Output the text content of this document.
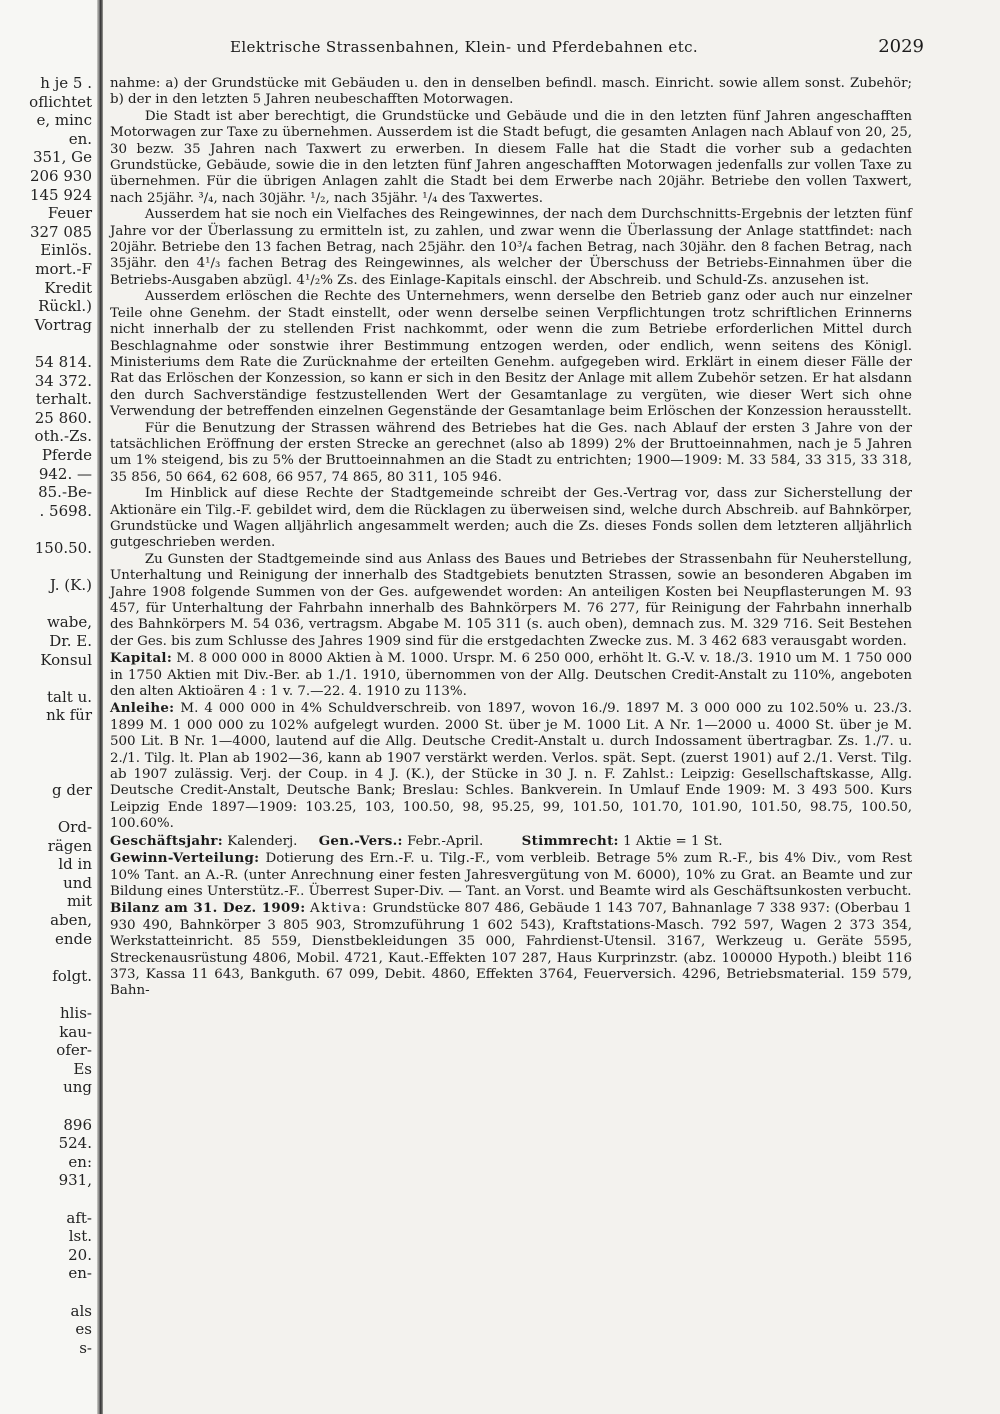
h je 5 .
oflichtet
e, minc
en.
351, Ge
206 930
145 924
Feuer
327 085
Einlös.
mort.-F
Kredit
Rückl.)
Vortrag
54 814.
34 372.
terhalt.
25 860.
oth.-Zs.
Pferde
942. —
85.-Be-
. 5698.
150.50.
J. (K.)
wabe,
Dr. E.
Konsul
talt u.
nk für
g der
Ord-
rägen
ld in
und
mit
aben,
ende
folgt.
hlis-
kau-
ofer-
Es
ung
896
524.
en:
931,
aft-
lst.
20.
en-
als
es
s-
Elektrische Strassenbahnen, Klein- und Pferdebahnen etc.	2029

nahme: a) der Grundstücke mit Gebäuden u. den in denselben befindl. masch. Einricht. sowie allem sonst. Zubehör; b) der in den letzten 5 Jahren neubeschafften Motorwagen.

Die Stadt ist aber berechtigt, die Grundstücke und Gebäude und die in den letzten fünf Jahren angeschafften Motorwagen zur Taxe zu übernehmen. Ausserdem ist die Stadt befugt, die gesamten Anlagen nach Ablauf von 20, 25, 30 bezw. 35 Jahren nach Taxwert zu erwerben. In diesem Falle hat die Stadt die vorher sub a gedachten Grundstücke, Gebäude, sowie die in den letzten fünf Jahren angeschafften Motorwagen jedenfalls zur vollen Taxe zu übernehmen. Für die übrigen Anlagen zahlt die Stadt bei dem Erwerbe nach 20jähr. Betriebe den vollen Taxwert, nach 25jähr. ³/₄, nach 30jähr. ¹/₂, nach 35jähr. ¹/₄ des Taxwertes.

Ausserdem hat sie noch ein Vielfaches des Reingewinnes, der nach dem Durchschnitts-Ergebnis der letzten fünf Jahre vor der Überlassung zu ermitteln ist, zu zahlen, und zwar wenn die Überlassung der Anlage stattfindet: nach 20jähr. Betriebe den 13 fachen Betrag, nach 25jähr. den 10³/₄ fachen Betrag, nach 30jähr. den 8 fachen Betrag, nach 35jähr. den 4¹/₃ fachen Betrag des Reingewinnes, als welcher der Überschuss der Betriebs-Einnahmen über die Betriebs-Ausgaben abzügl. 4¹/₂% Zs. des Einlage-Kapitals einschl. der Abschreib. und Schuld-Zs. anzusehen ist.

Ausserdem erlöschen die Rechte des Unternehmers, wenn derselbe den Betrieb ganz oder auch nur einzelner Teile ohne Genehm. der Stadt einstellt, oder wenn derselbe seinen Verpflichtungen trotz schriftlichen Erinnerns nicht innerhalb der zu stellenden Frist nachkommt, oder wenn die zum Betriebe erforderlichen Mittel durch Beschlagnahme oder sonstwie ihrer Bestimmung entzogen werden, oder endlich, wenn seitens des Königl. Ministeriums dem Rate die Zurücknahme der erteilten Genehm. aufgegeben wird. Erklärt in einem dieser Fälle der Rat das Erlöschen der Konzession, so kann er sich in den Besitz der Anlage mit allem Zubehör setzen. Er hat alsdann den durch Sachverständige festzustellenden Wert der Gesamtanlage zu vergüten, wie dieser Wert sich ohne Verwendung der betreffenden einzelnen Gegenstände der Gesamtanlage beim Erlöschen der Konzession herausstellt.

Für die Benutzung der Strassen während des Betriebes hat die Ges. nach Ablauf der ersten 3 Jahre von der tatsächlichen Eröffnung der ersten Strecke an gerechnet (also ab 1899) 2% der Bruttoeinnahmen, nach je 5 Jahren um 1% steigend, bis zu 5% der Bruttoeinnahmen an die Stadt zu entrichten; 1900—1909: M. 33 584, 33 315, 33 318, 35 856, 50 664, 62 608, 66 957, 74 865, 80 311, 105 946.

Im Hinblick auf diese Rechte der Stadtgemeinde schreibt der Ges.-Vertrag vor, dass zur Sicherstellung der Aktionäre ein Tilg.-F. gebildet wird, dem die Rücklagen zu überweisen sind, welche durch Abschreib. auf Bahnkörper, Grundstücke und Wagen alljährlich angesammelt werden; auch die Zs. dieses Fonds sollen dem letzteren alljährlich gutgeschrieben werden.

Zu Gunsten der Stadtgemeinde sind aus Anlass des Baues und Betriebes der Strassenbahn für Neuherstellung, Unterhaltung und Reinigung der innerhalb des Stadtgebiets benutzten Strassen, sowie an besonderen Abgaben im Jahre 1908 folgende Summen von der Ges. aufgewendet worden: An anteiligen Kosten bei Neupflasterungen M. 93 457, für Unterhaltung der Fahrbahn innerhalb des Bahnkörpers M. 76 277, für Reinigung der Fahrbahn innerhalb des Bahnkörpers M. 54 036, vertragsm. Abgabe M. 105 311 (s. auch oben), demnach zus. M. 329 716. Seit Bestehen der Ges. bis zum Schlusse des Jahres 1909 sind für die erstgedachten Zwecke zus. M. 3 462 683 verausgabt worden.

Kapital: M. 8 000 000 in 8000 Aktien à M. 1000. Urspr. M. 6 250 000, erhöht lt. G.-V. v. 18./3. 1910 um M. 1 750 000 in 1750 Aktien mit Div.-Ber. ab 1./1. 1910, übernommen von der Allg. Deutschen Credit-Anstalt zu 110%, angeboten den alten Aktioären 4 : 1 v. 7.—22. 4. 1910 zu 113%.

Anleihe: M. 4 000 000 in 4% Schuldverschreib. von 1897, wovon 16./9. 1897 M. 3 000 000 zu 102.50% u. 23./3. 1899 M. 1 000 000 zu 102% aufgelegt wurden. 2000 St. über je M. 1000 Lit. A Nr. 1—2000 u. 4000 St. über je M. 500 Lit. B Nr. 1—4000, lautend auf die Allg. Deutsche Credit-Anstalt u. durch Indossament übertragbar. Zs. 1./7. u. 2./1. Tilg. lt. Plan ab 1902—36, kann ab 1907 verstärkt werden. Verlos. spät. Sept. (zuerst 1901) auf 2./1. Verst. Tilg. ab 1907 zulässig. Verj. der Coup. in 4 J. (K.), der Stücke in 30 J. n. F. Zahlst.: Leipzig: Gesellschaftskasse, Allg. Deutsche Credit-Anstalt, Deutsche Bank; Breslau: Schles. Bankverein. In Umlauf Ende 1909: M. 3 493 500. Kurs Leipzig Ende 1897—1909: 103.25, 103, 100.50, 98, 95.25, 99, 101.50, 101.70, 101.90, 101.50, 98.75, 100.50, 100.60%.

Geschäftsjahr: Kalenderj. Gen.-Vers.: Febr.-April.	Stimmrecht: 1 Aktie = 1 St.

Gewinn-Verteilung: Dotierung des Ern.-F. u. Tilg.-F., vom verbleib. Betrage 5% zum R.-F., bis 4% Div., vom Rest 10% Tant. an A.-R. (unter Anrechnung einer festen Jahresvergütung von M. 6000), 10% zu Grat. an Beamte und zur Bildung eines Unterstütz.-F.. Überrest Super-Div. — Tant. an Vorst. und Beamte wird als Geschäftsunkosten verbucht.

Bilanz am 31. Dez. 1909: Aktiva: Grundstücke 807 486, Gebäude 1 143 707, Bahnanlage 7 338 937: (Oberbau 1 930 490, Bahnkörper 3 805 903, Stromzuführung 1 602 543), Kraftstations-Masch. 792 597, Wagen 2 373 354, Werkstatteinricht. 85 559, Dienstbekleidungen 35 000, Fahrdienst-Utensil. 3167, Werkzeug u. Geräte 5595, Streckenausrüstung 4806, Mobil. 4721, Kaut.-Effekten 107 287, Haus Kurprinzstr. (abz. 100000 Hypoth.) bleibt 116 373, Kassa 11 643, Bankguth. 67 099, Debit. 4860, Effekten 3764, Feuerversich. 4296, Betriebsmaterial. 159 579, Bahn-
